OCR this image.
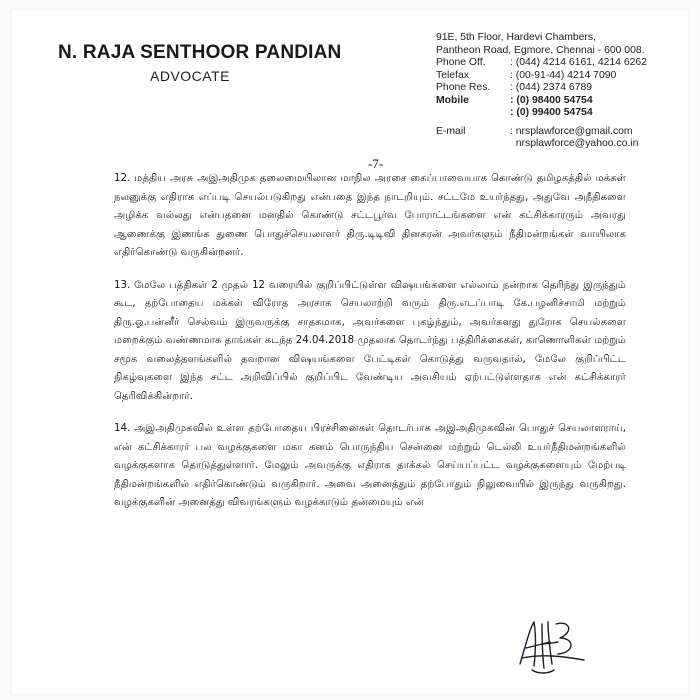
N. RAJA SENTHOOR PANDIAN
ADVOCATE
91E, 5th Floor, Hardevi Chambers,
Pantheon Road, Egmore, Chennai - 600 008.
Phone Off.	: (044) 4214 6161, 4214 6262
Telefax	: (00-91-44) 4214 7090
Phone Res.	: (044) 2374 6789
Mobile	: (0) 98400 54754
: (0) 99400 54754
E-mail	: nrsplawforce@gmail.com
nrsplawforce@yahoo.co.in
-7-

12. மத்திய அரசு அஇஅதிமுக தலைமையிலான மாநில அரசை கைப்பாவையாக கொண்டு தமிழகத்தில் மக்கள் நலனுக்கு எதிராக எப்படி செயல்படுகிறது என்பதை இந்த நாடறியும். சட்டமே உயர்ந்தது, அதுவே அநீதிகளை அழிக்க வல்லது என்பதனை மனதில் கொண்டு சட்டபூர்வ போராட்டங்களை என் கட்சிக்காரரும் அவரது ஆணைக்கு இணங்க துணை பொதுச்செயலாளர் திரு.டிடிவி தினகரன் அவர்களும் நீதிமன்றங்கள் வாயிலாக எதிர்கொண்டு வருகின்றனர்.

13. மேலே பத்திகள் 2 முதல் 12 வரையில் குறிப்பிட்டுள்ள விஷயங்களை எல்லாம் நன்றாக தெரிந்து இருந்தும் கூட, தற்போதைய மக்கள் விரோத அரசாக செயலாற்றி வரும் திரு.எடப்பாடி கே.பழனிச்சாமி மற்றும் திரு.ஓ.பன்னீர் செல்வம் இருவருக்கு சாதகமாக, அவர்களை புகழ்ந்தும், அவர்களது துரோக செயல்களை மறைக்கும் வண்ணமாக தாங்கள் கடந்த 24.04.2018 முதலாக தொடர்ந்து பத்திரிக்கைகள், காணொளிகள் மற்றும் சமூக வலைத்தளங்களில் தவறான விஷயங்களை பேட்டிகள் கொடுத்து வருவதால், மேலே குறிப்பிட்ட நிகழ்வுகளை இந்த சட்ட அறிவிப்பில் குறிப்பிட வேண்டிய அவசியம் ஏற்பட்டுள்ளதாக என் கட்சிக்காரர் தெரிவிக்கின்றார்.

14. அஇஅதிமுகவில் உள்ள தற்போதைய பிரச்சினைகள் தொடர்பாக அஇஅதிமுகவின் பொதுச் செயலாளராய், என் கட்சிக்காரர் பல வழக்குகளை மகா கனம் பொருந்திய சென்னை மற்றும் டெல்லி உயர்நீதிமன்றங்களில் வழக்குகளாக தொடுத்துள்ளார். மேலும் அவருக்கு எதிராக தாக்கல் செய்யப்பட்ட வழக்குகளையும் மேற்படி நீதிமன்றங்களில் எதிர்கொண்டும் வருகிறார். அவை அனைத்தும் தற்போதும் நிலுவையில் இருந்து வருகிறது. வழக்குகளின் அனைத்து விவரங்களும் வழக்காடும் தன்மையும் என்
